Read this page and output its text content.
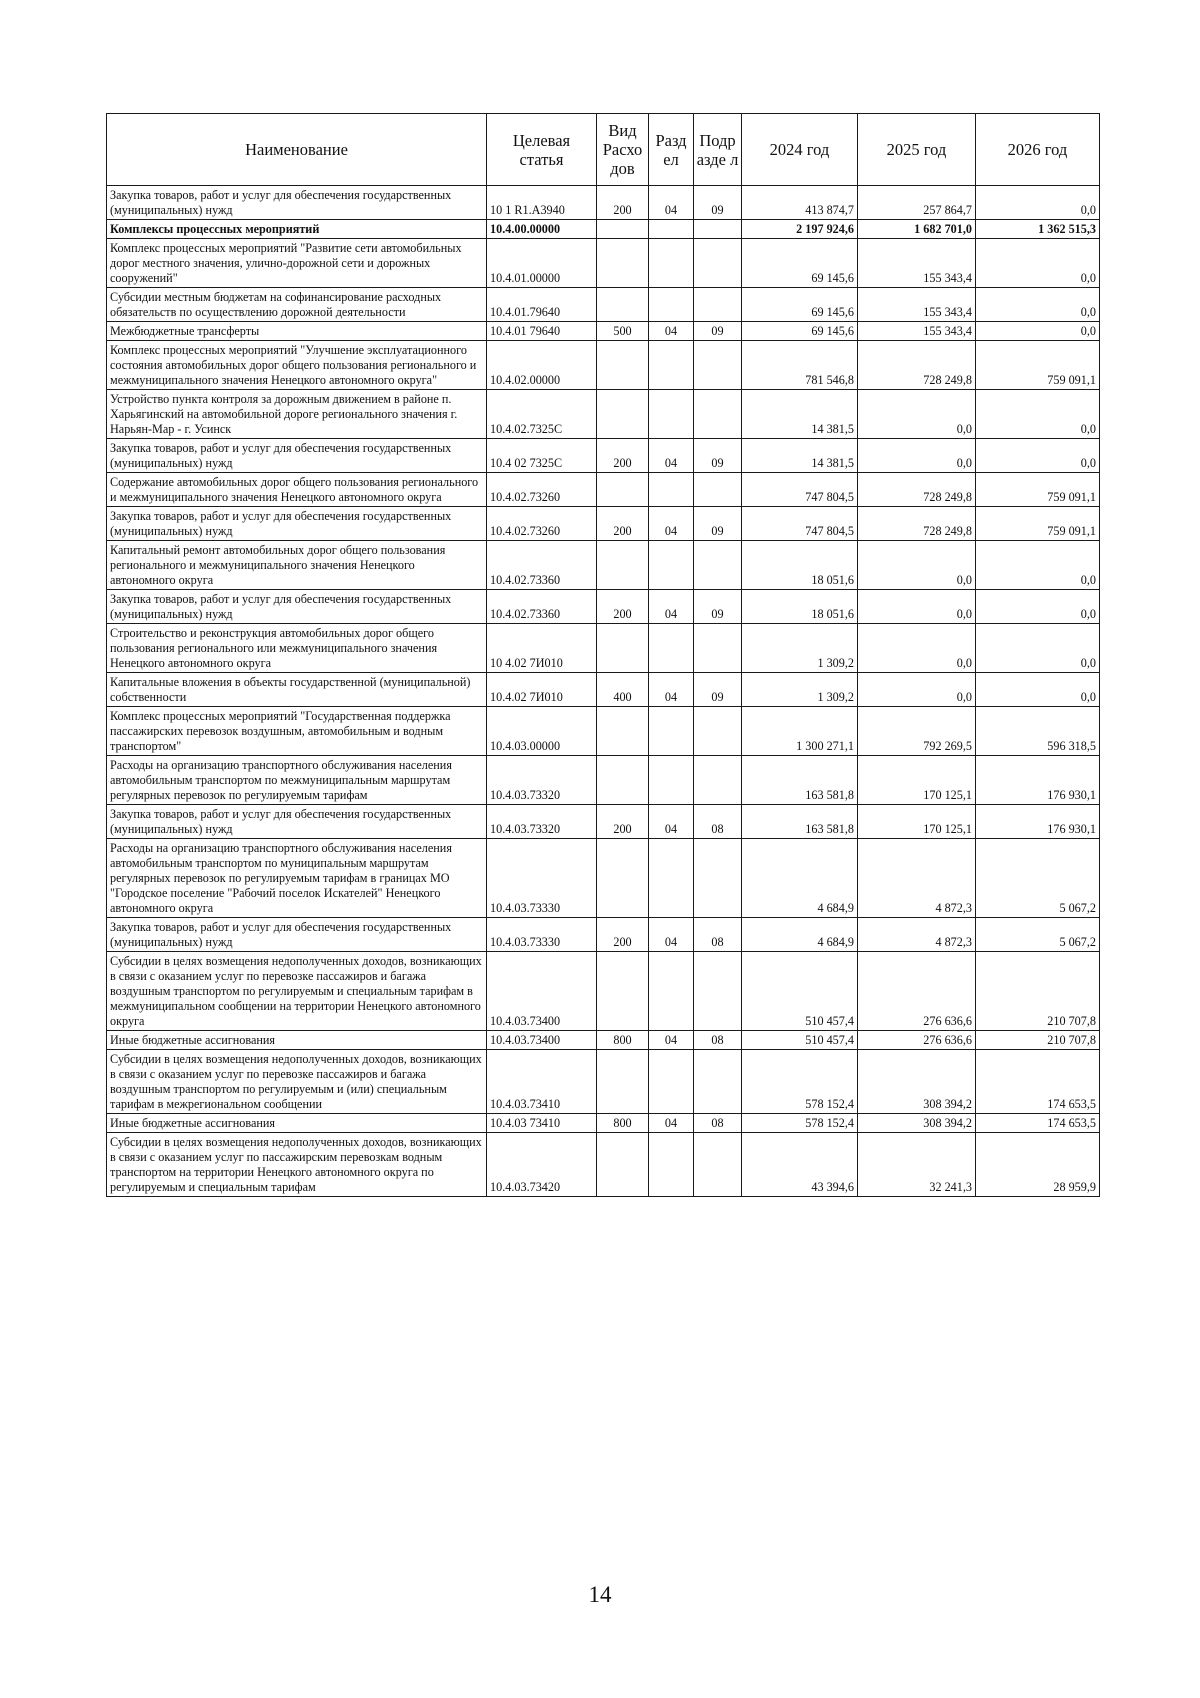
Наименование	Целевая статья	Вид Расхо дов	Разд ел	Подр азде л	2024 год	2025 год	2026 год
Закупка товаров, работ и услуг для обеспечения государственных (муниципальных) нужд	10 1 R1.A3940	200	04	09	413 874,7	257 864,7	0,0
Комплексы процессных мероприятий	10.4.00.00000				2 197 924,6	1 682 701,0	1 362 515,3
Комплекс процессных мероприятий "Развитие сети автомобильных дорог местного значения, улично-дорожной сети и дорожных сооружений"	10.4.01.00000				69 145,6	155 343,4	0,0
Субсидии местным бюджетам на софинансирование расходных обязательств по осуществлению дорожной деятельности	10.4.01.79640				69 145,6	155 343,4	0,0
Межбюджетные трансферты	10.4.01 79640	500	04	09	69 145,6	155 343,4	0,0
Комплекс процессных мероприятий "Улучшение эксплуатационного состояния автомобильных дорог общего пользования регионального и межмуниципального значения Ненецкого автономного округа"	10.4.02.00000				781 546,8	728 249,8	759 091,1
Устройство пункта контроля за дорожным движением в районе п. Харьягинский на автомобильной дороге регионального значения г. Нарьян-Мар - г. Усинск	10.4.02.7325С				14 381,5	0,0	0,0
Закупка товаров, работ и услуг для обеспечения государственных (муниципальных) нужд	10.4 02 7325С	200	04	09	14 381,5	0,0	0,0
Содержание автомобильных дорог общего пользования регионального и межмуниципального значения Ненецкого автономного округа	10.4.02.73260				747 804,5	728 249,8	759 091,1
Закупка товаров, работ и услуг для обеспечения государственных (муниципальных) нужд	10.4.02.73260	200	04	09	747 804,5	728 249,8	759 091,1
Капитальный ремонт автомобильных дорог общего пользования регионального и межмуниципального значения Ненецкого автономного округа	10.4.02.73360				18 051,6	0,0	0,0
Закупка товаров, работ и услуг для обеспечения государственных (муниципальных) нужд	10.4.02.73360	200	04	09	18 051,6	0,0	0,0
Строительство и реконструкция автомобильных дорог общего пользования регионального или межмуниципального значения Ненецкого автономного округа	10 4.02 7И010				1 309,2	0,0	0,0
Капитальные вложения в объекты государственной (муниципальной) собственности	10.4.02 7И010	400	04	09	1 309,2	0,0	0,0
Комплекс процессных мероприятий "Государственная поддержка пассажирских перевозок воздушным, автомобильным и водным транспортом"	10.4.03.00000				1 300 271,1	792 269,5	596 318,5
Расходы на организацию транспортного обслуживания населения автомобильным транспортом по межмуниципальным маршрутам регулярных перевозок по регулируемым тарифам	10.4.03.73320				163 581,8	170 125,1	176 930,1
Закупка товаров, работ и услуг для обеспечения государственных (муниципальных) нужд	10.4.03.73320	200	04	08	163 581,8	170 125,1	176 930,1
Расходы на организацию транспортного обслуживания населения автомобильным транспортом по муниципальным маршрутам регулярных перевозок по регулируемым тарифам в границах МО "Городское поселение "Рабочий поселок Искателей" Ненецкого автономного округа	10.4.03.73330				4 684,9	4 872,3	5 067,2
Закупка товаров, работ и услуг для обеспечения государственных (муниципальных) нужд	10.4.03.73330	200	04	08	4 684,9	4 872,3	5 067,2
Субсидии в целях возмещения недополученных доходов, возникающих в связи с оказанием услуг по перевозке пассажиров и багажа воздушным транспортом по регулируемым и специальным тарифам в межмуниципальном сообщении на территории Ненецкого автономного округа	10.4.03.73400				510 457,4	276 636,6	210 707,8
Иные бюджетные ассигнования	10.4.03.73400	800	04	08	510 457,4	276 636,6	210 707,8
Субсидии в целях возмещения недополученных доходов, возникающих в связи с оказанием услуг по перевозке пассажиров и багажа воздушным транспортом по регулируемым и (или) специальным тарифам в межрегиональном сообщении	10.4.03.73410				578 152,4	308 394,2	174 653,5
Иные бюджетные ассигнования	10.4.03 73410	800	04	08	578 152,4	308 394,2	174 653,5
Субсидии в целях возмещения недополученных доходов, возникающих в связи с оказанием услуг по пассажирским перевозкам водным транспортом на территории Ненецкого автономного округа по регулируемым и специальным тарифам	10.4.03.73420				43 394,6	32 241,3	28 959,9
14
